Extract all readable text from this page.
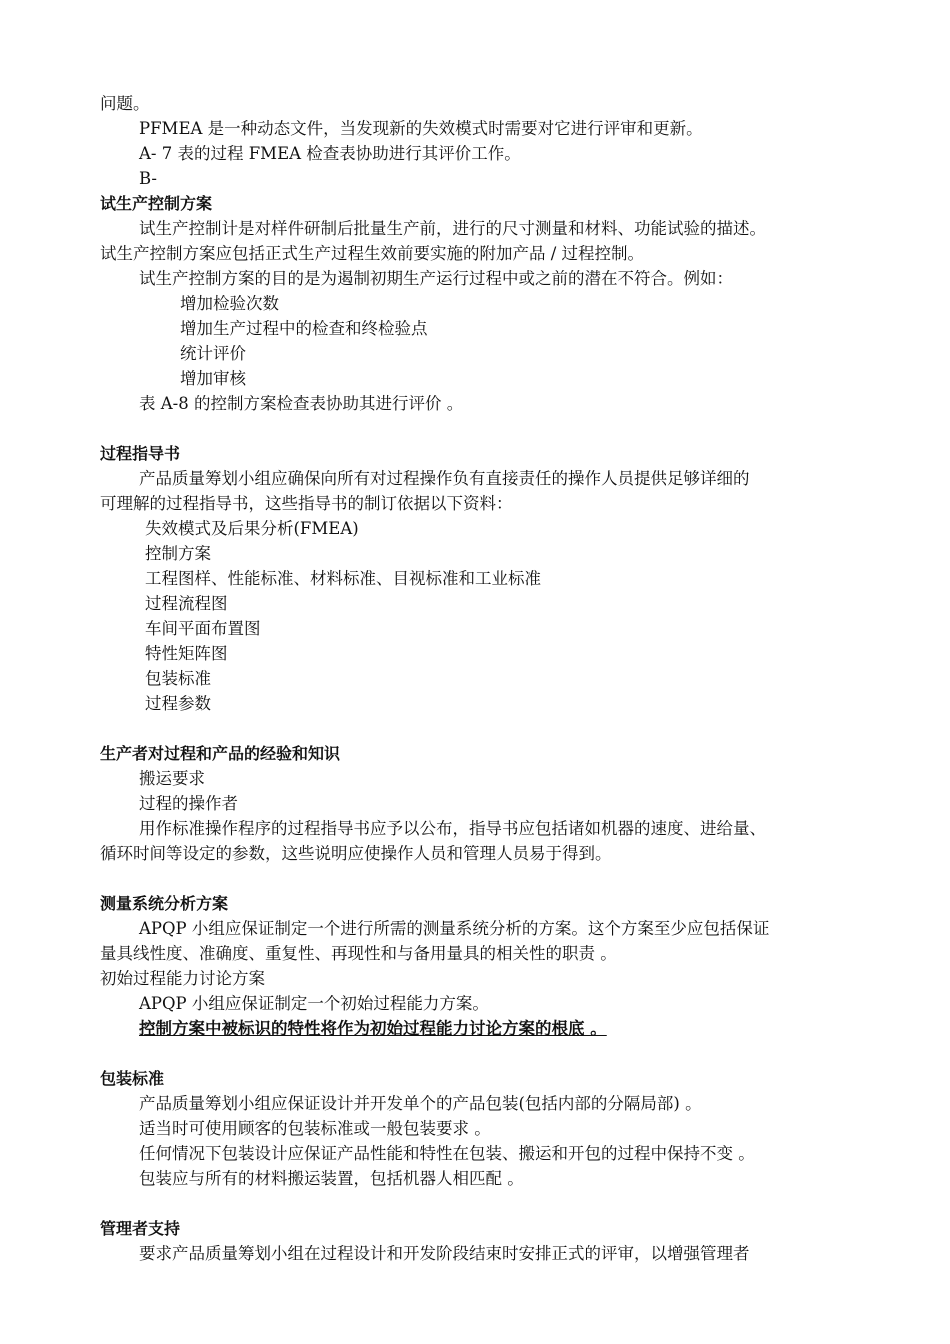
问题。
PFMEA 是一种动态文件，当发现新的失效模式时需要对它进行评审和更新。
A- 7 表的过程 FMEA 检查表协助进行其评价工作。
B-
试生产控制方案
试生产控制计是对样件研制后批量生产前，进行的尺寸测量和材料、功能试验的描述。
试生产控制方案应包括正式生产过程生效前要实施的附加产品 / 过程控制。
试生产控制方案的目的是为遏制初期生产运行过程中或之前的潜在不符合。例如：
增加检验次数
增加生产过程中的检查和终检验点
统计评价
增加审核
表 A-8 的控制方案检查表协助其进行评价 。
过程指导书
产品质量筹划小组应确保向所有对过程操作负有直接责任的操作人员提供足够详细的
可理解的过程指导书，这些指导书的制订依据以下资料：
失效模式及后果分析(FMEA)
控制方案
工程图样、性能标准、材料标准、目视标准和工业标准
过程流程图
车间平面布置图
特性矩阵图
包装标准
过程参数
生产者对过程和产品的经验和知识
搬运要求
过程的操作者
用作标准操作程序的过程指导书应予以公布，指导书应包括诸如机器的速度、进给量、
循环时间等设定的参数，这些说明应使操作人员和管理人员易于得到。
测量系统分析方案
APQP 小组应保证制定一个进行所需的测量系统分析的方案。这个方案至少应包括保证
量具线性度、准确度、重复性、再现性和与备用量具的相关性的职责 。
初始过程能力讨论方案
APQP 小组应保证制定一个初始过程能力方案。
控制方案中被标识的特性将作为初始过程能力讨论方案的根底 。
包装标准
产品质量筹划小组应保证设计并开发单个的产品包装(包括内部的分隔局部) 。
适当时可使用顾客的包装标准或一般包装要求 。
任何情况下包装设计应保证产品性能和特性在包装、搬运和开包的过程中保持不变 。
包装应与所有的材料搬运装置，包括机器人相匹配 。
管理者支持
要求产品质量筹划小组在过程设计和开发阶段结束时安排正式的评审，以增强管理者
